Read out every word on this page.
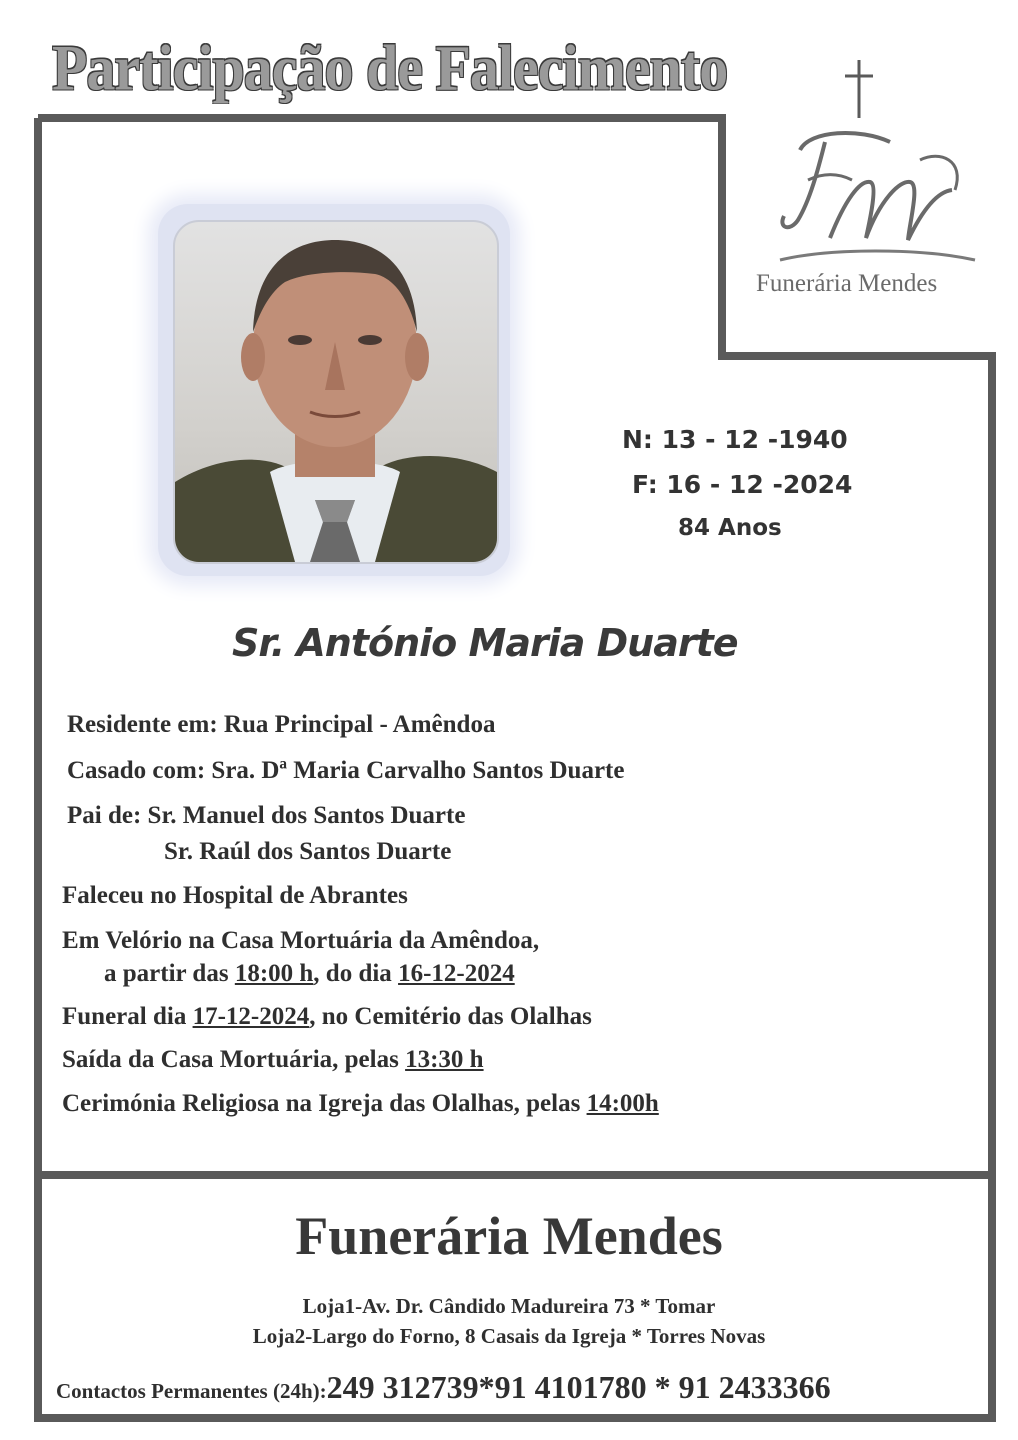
Participação de Falecimento
Funerária Mendes
N: 13 - 12 -1940
F: 16 - 12 -2024
84 Anos
Sr. António Maria Duarte
Residente em: Rua Principal - Amêndoa
Casado com: Sra. Dª Maria Carvalho Santos Duarte
Pai de: Sr. Manuel dos Santos Duarte
Sr. Raúl dos Santos Duarte
Faleceu no Hospital de Abrantes
Em Velório na Casa Mortuária da Amêndoa,
a partir das 18:00 h, do dia 16-12-2024
Funeral dia 17-12-2024, no Cemitério das Olalhas
Saída da Casa Mortuária, pelas 13:30 h
Cerimónia Religiosa na Igreja das Olalhas, pelas 14:00h
Funerária Mendes
Loja1-Av. Dr. Cândido Madureira 73 * Tomar
Loja2-Largo do Forno, 8 Casais da Igreja * Torres Novas
Contactos Permanentes (24h):249 312739*91 4101780 * 91 2433366
